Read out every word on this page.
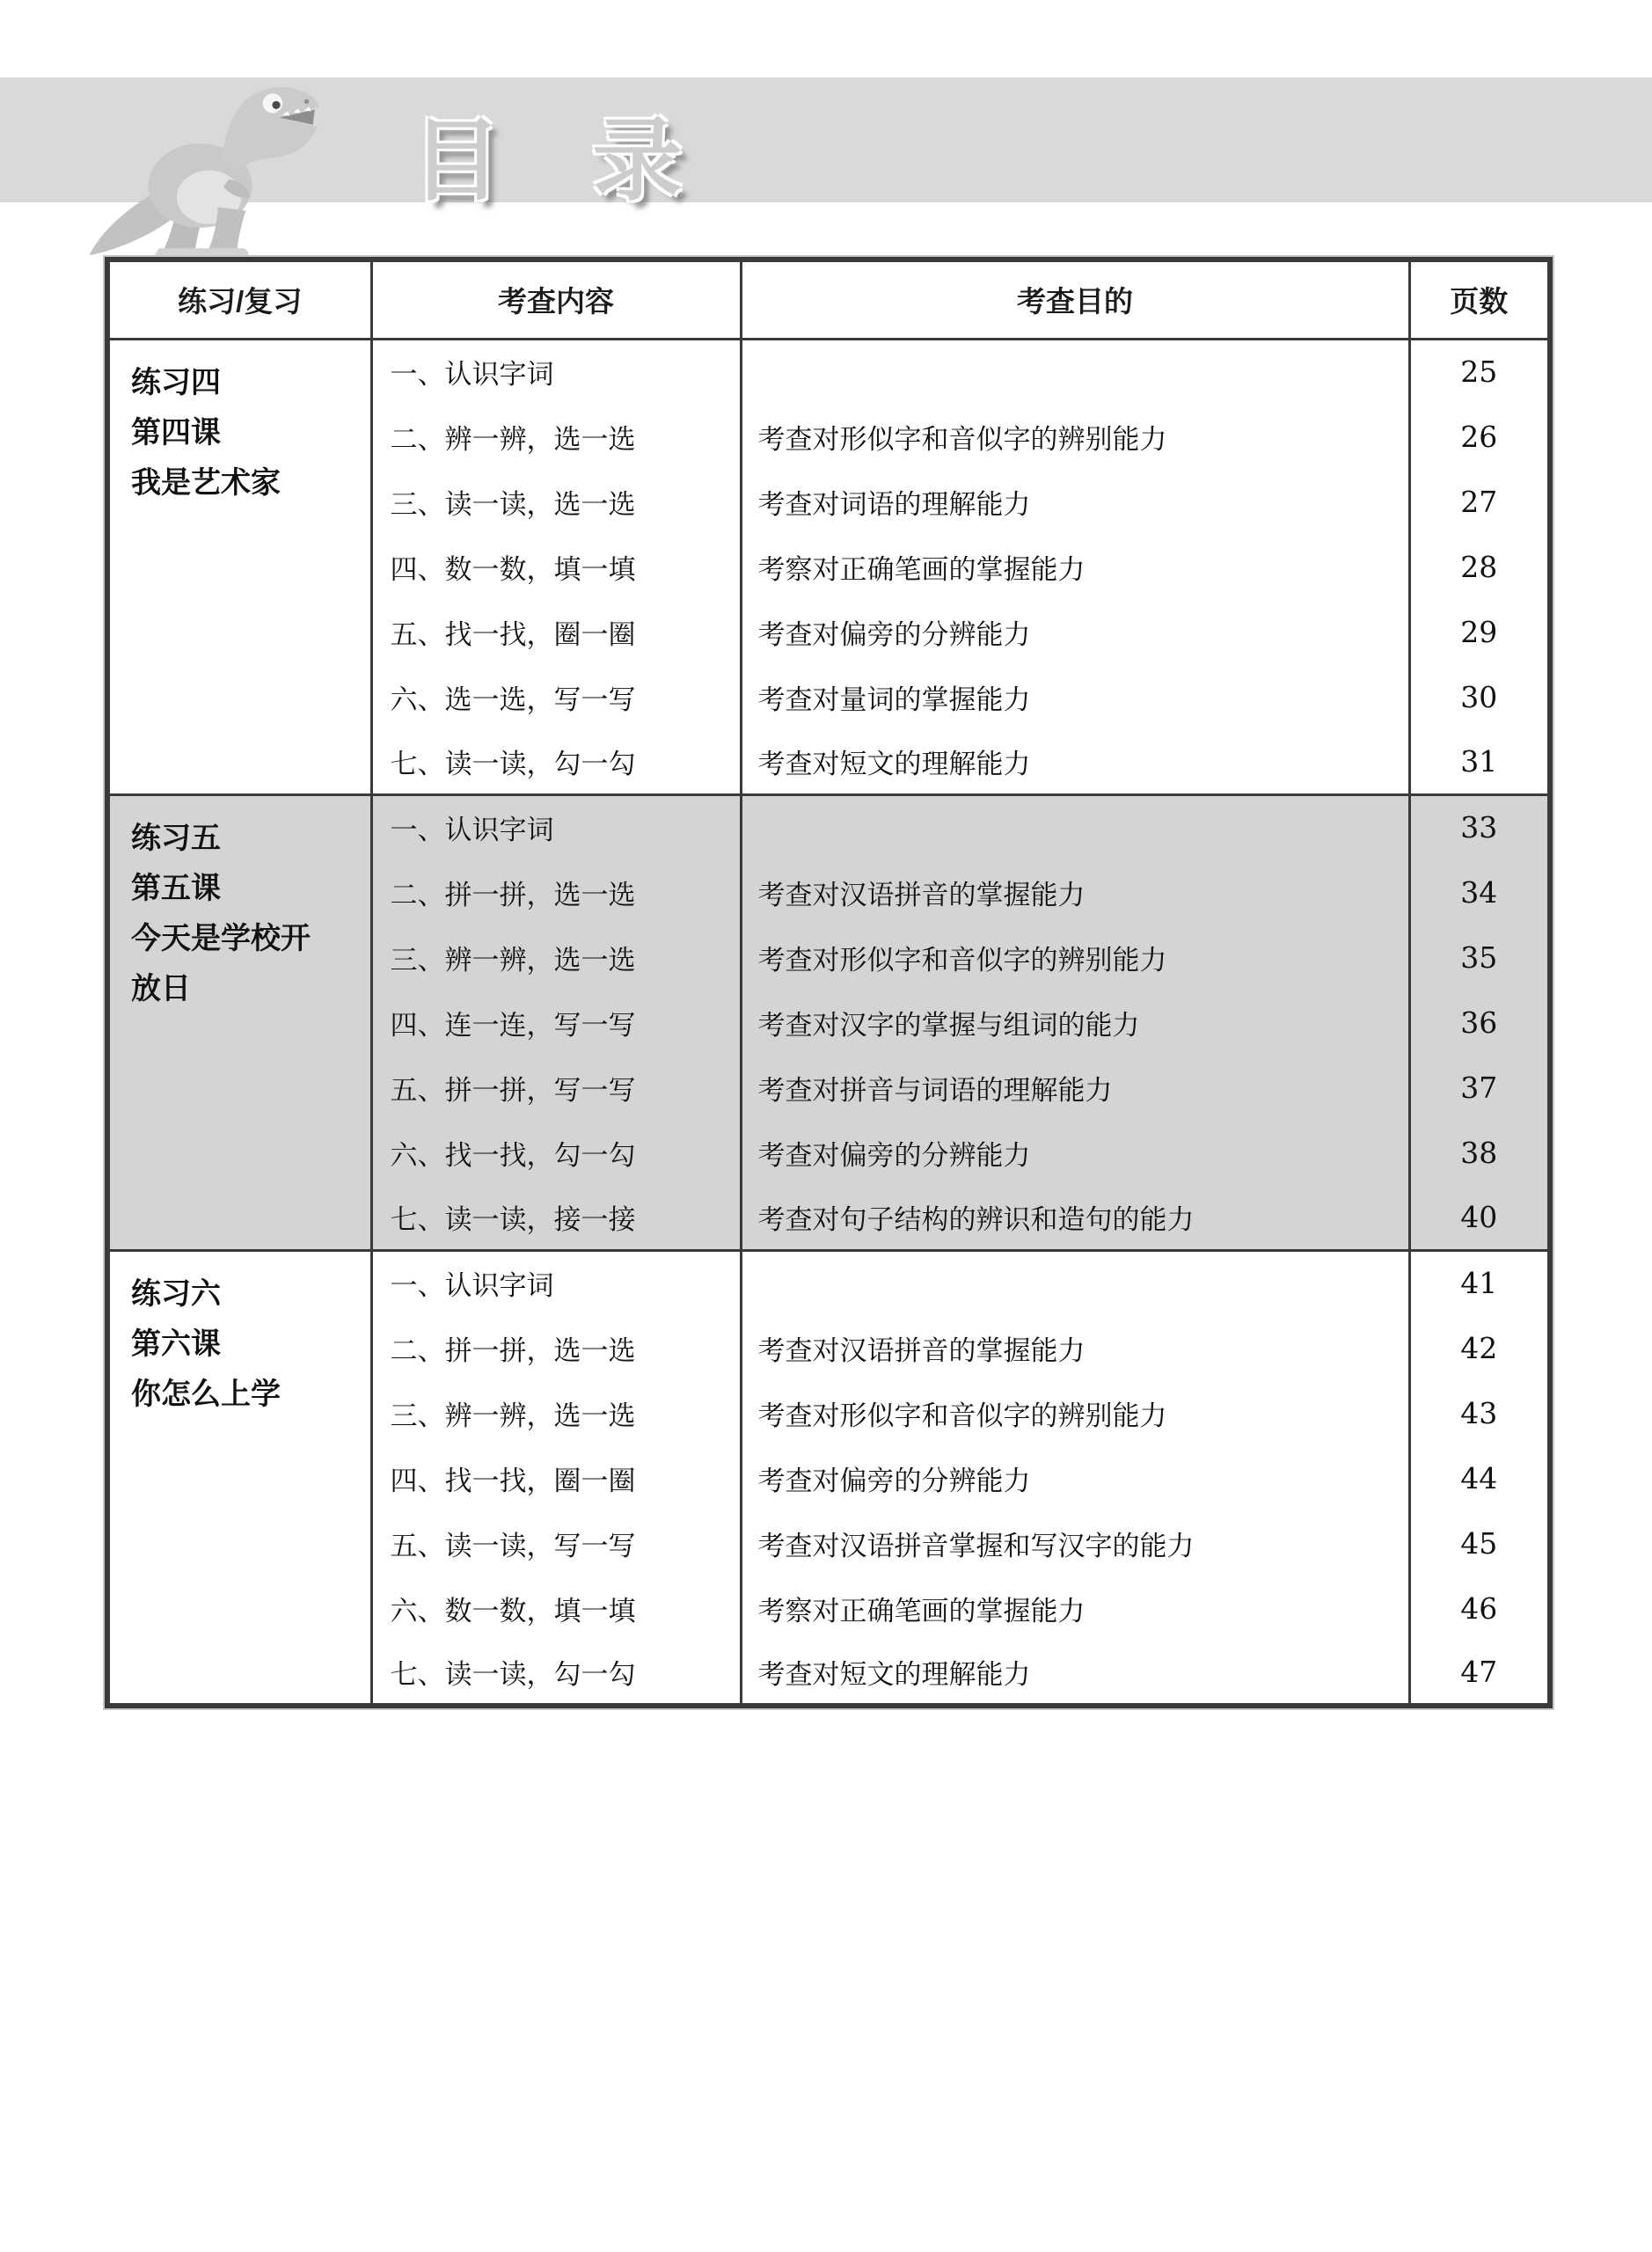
目 录
练习/复习	考查内容	考查目的	页数

练习四
第四课
我是艺术家	一、认识字词		25
	二、辨一辨，选一选	考查对形似字和音似字的辨别能力	26
	三、读一读，选一选	考查对词语的理解能力	27
	四、数一数，填一填	考察对正确笔画的掌握能力	28
	五、找一找，圈一圈	考查对偏旁的分辨能力	29
	六、选一选，写一写	考查对量词的掌握能力	30
	七、读一读，勾一勾	考查对短文的理解能力	31

练习五
第五课
今天是学校开放日	一、认识字词		33
	二、拼一拼，选一选	考查对汉语拼音的掌握能力	34
	三、辨一辨，选一选	考查对形似字和音似字的辨别能力	35
	四、连一连，写一写	考查对汉字的掌握与组词的能力	36
	五、拼一拼，写一写	考查对拼音与词语的理解能力	37
	六、找一找，勾一勾	考查对偏旁的分辨能力	38
	七、读一读，接一接	考查对句子结构的辨识和造句的能力	40

练习六
第六课
你怎么上学	一、认识字词		41
	二、拼一拼，选一选	考查对汉语拼音的掌握能力	42
	三、辨一辨，选一选	考查对形似字和音似字的辨别能力	43
	四、找一找，圈一圈	考查对偏旁的分辨能力	44
	五、读一读，写一写	考查对汉语拼音掌握和写汉字的能力	45
	六、数一数，填一填	考察对正确笔画的掌握能力	46
	七、读一读，勾一勾	考查对短文的理解能力	47
